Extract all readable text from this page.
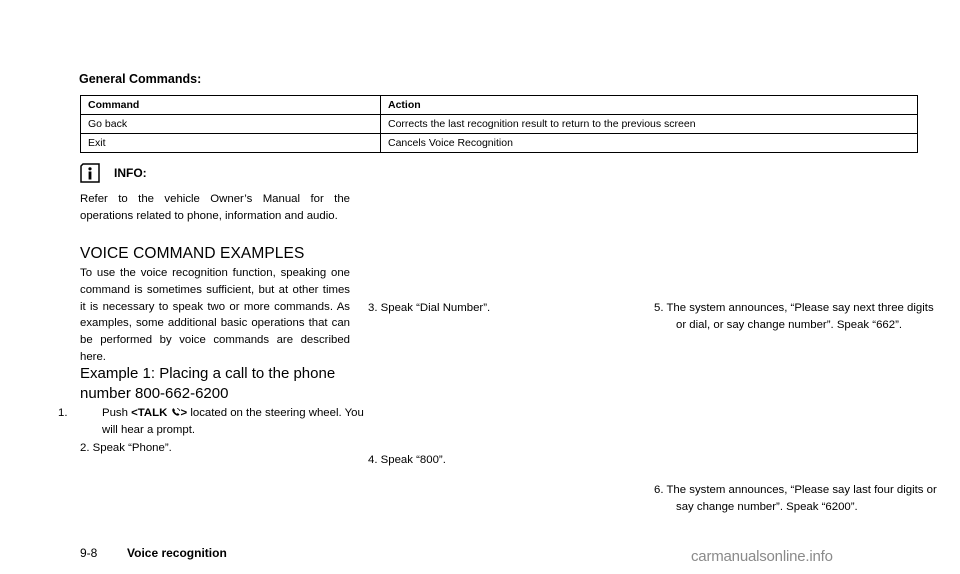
General Commands:
Command	Action
Go back	Corrects the last recognition result to return to the previous screen
Exit	Cancels Voice Recognition
INFO:
Refer to the vehicle Owner’s Manual for the operations related to phone, information and audio.
VOICE COMMAND EXAMPLES
To use the voice recognition function, speaking one command is sometimes sufficient, but at other times it is necessary to speak two or more commands. As examples, some additional basic operations that can be performed by voice commands are described here.
Example 1: Placing a call to the phone number 800-662-6200
1.	Push <TALK > located on the steering wheel. You will hear a prompt.
2. Speak “Phone”.
3. Speak “Dial Number”.
4. Speak “800”.
5. The system announces, “Please say next three digits or dial, or say change number”. Speak “662”.
6. The system announces, “Please say last four digits or say change number”. Speak “6200”.
9-8 Voice recognition	carmanualsonline.info
